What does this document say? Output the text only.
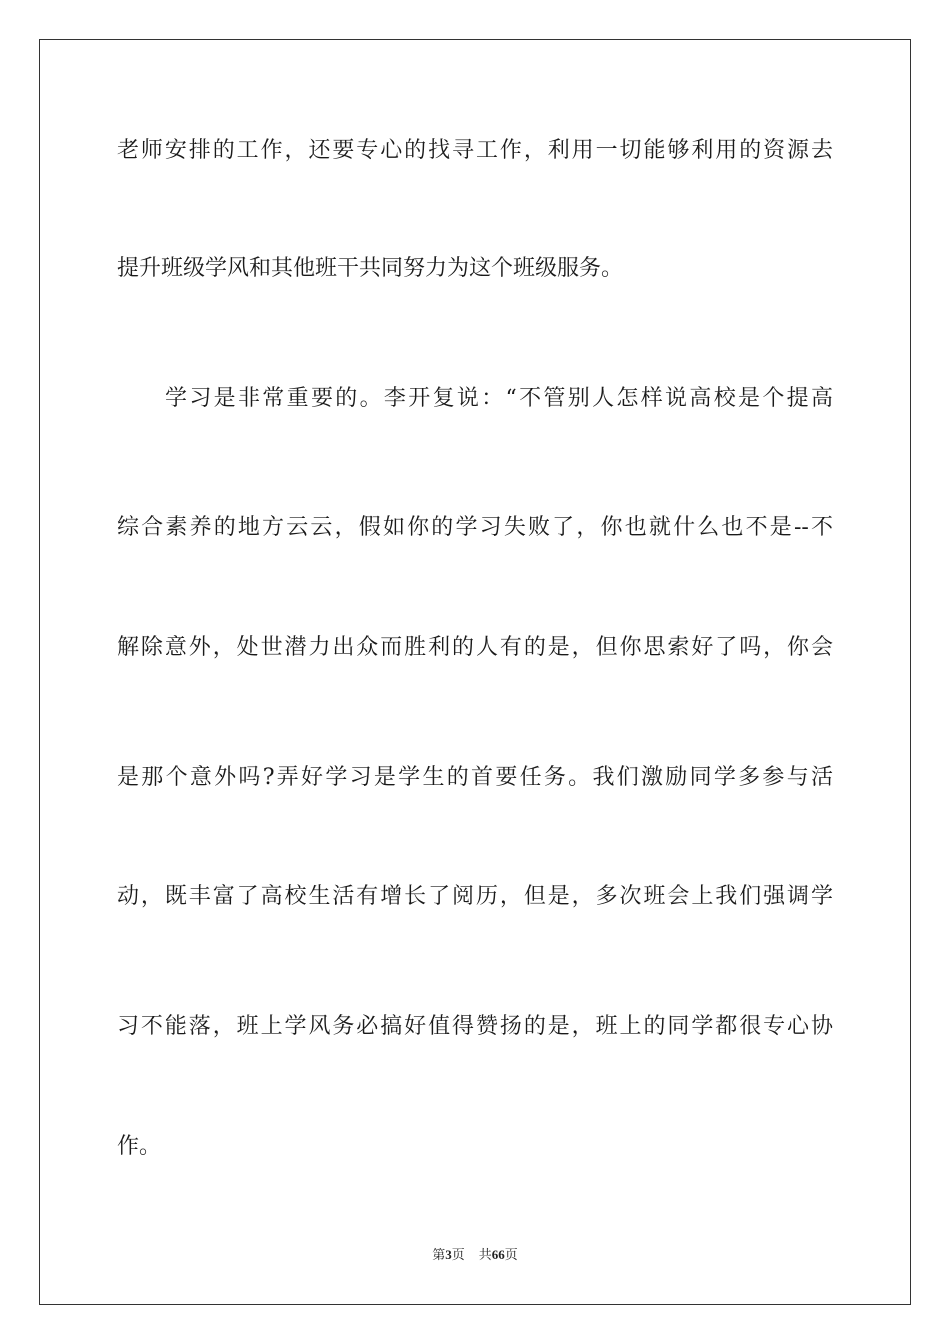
老师安排的工作，还要专心的找寻工作，利用一切能够利用的资源去
提升班级学风和其他班干共同努力为这个班级服务。
学习是非常重要的。李开复说：“不管别人怎样说高校是个提高
综合素养的地方云云，假如你的学习失败了，你也就什么也不是--不
解除意外，处世潜力出众而胜利的人有的是，但你思索好了吗，你会
是那个意外吗?弄好学习是学生的首要任务。我们激励同学多参与活
动，既丰富了高校生活有增长了阅历，但是，多次班会上我们强调学
习不能落，班上学风务必搞好值得赞扬的是，班上的同学都很专心协
作。
第3页 共66页
